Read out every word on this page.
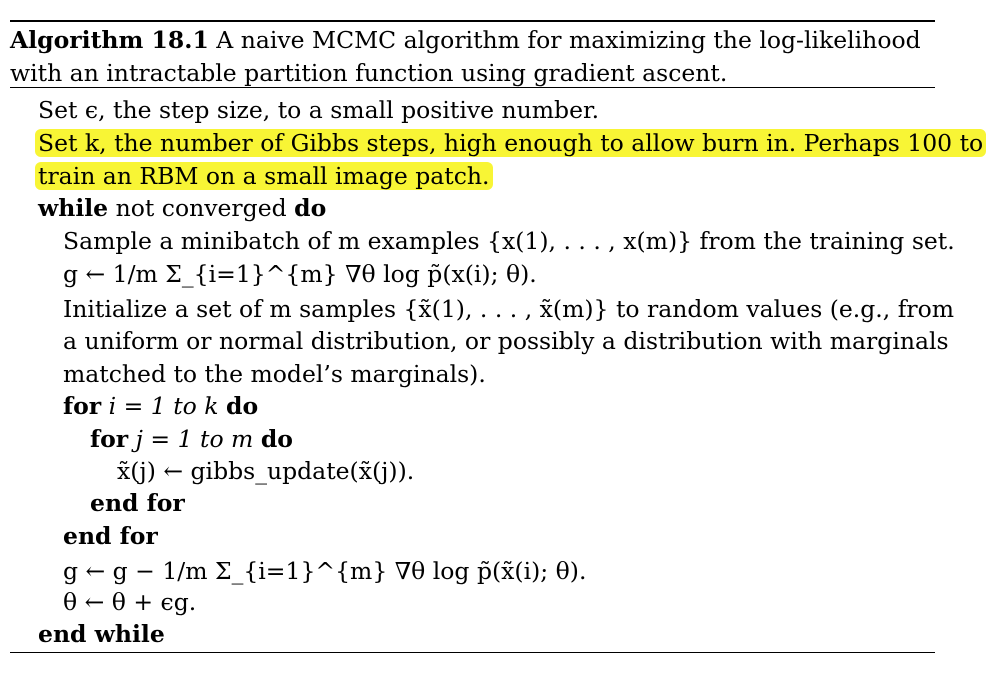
Algorithm 18.1 A naive MCMC algorithm for maximizing the log-likelihood
with an intractable partition function using gradient ascent.
Set ϵ, the step size, to a small positive number.
Set k, the number of Gibbs steps, high enough to allow burn in. Perhaps 100 to
train an RBM on a small image patch.
while not converged do
Sample a minibatch of m examples {x(1), . . . , x(m)} from the training set.
g ← 1/m Σ_{i=1}^{m} ∇θ log p̃(x(i); θ).
Initialize a set of m samples {x̃(1), . . . , x̃(m)} to random values (e.g., from
a uniform or normal distribution, or possibly a distribution with marginals
matched to the model’s marginals).
for i = 1 to k do
for j = 1 to m do
x̃(j) ← gibbs_update(x̃(j)).
end for
end for
g ← g − 1/m Σ_{i=1}^{m} ∇θ log p̃(x̃(i); θ).
θ ← θ + ϵg.
end while
